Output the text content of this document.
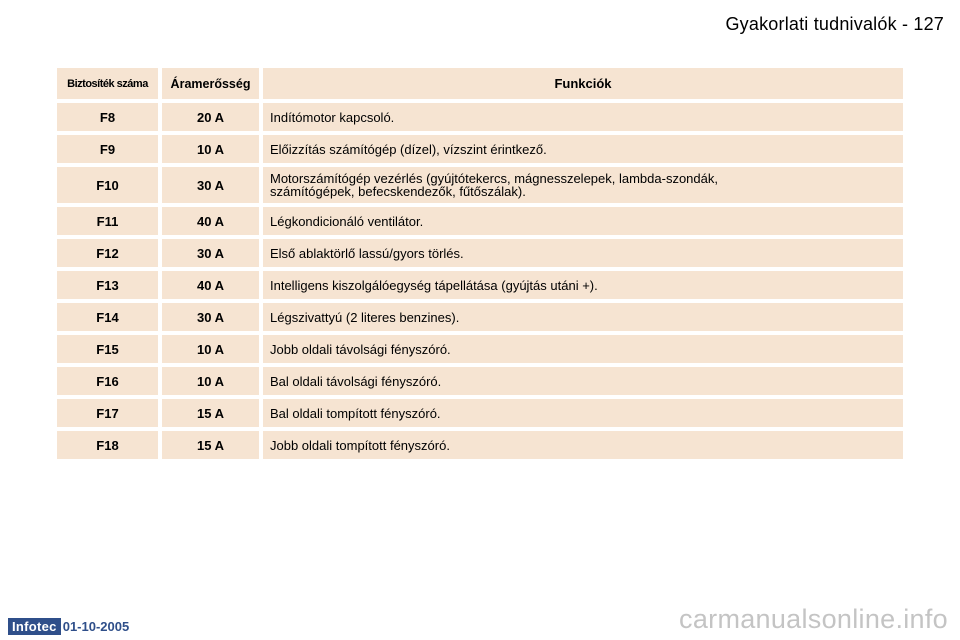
Gyakorlati tudnivalók - 127
Biztosíték száma	Áramerősség	Funkciók
F8	20 A	Indítómotor kapcsoló.
F9	10 A	Előizzítás számítógép (dízel), vízszint érintkező.
F10	30 A	Motorszámítógép vezérlés (gyújtótekercs, mágnesszelepek, lambda-szondák,
számítógépek, befecskendezők, fűtőszálak).
F11	40 A	Légkondicionáló ventilátor.
F12	30 A	Első ablaktörlő lassú/gyors törlés.
F13	40 A	Intelligens kiszolgálóegység tápellátása (gyújtás utáni +).
F14	30 A	Légszivattyú (2 literes benzines).
F15	10 A	Jobb oldali távolsági fényszóró.
F16	10 A	Bal oldali távolsági fényszóró.
F17	15 A	Bal oldali tompított fényszóró.
F18	15 A	Jobb oldali tompított fényszóró.
Infotec 01-10-2005	carmanualsonline.info
